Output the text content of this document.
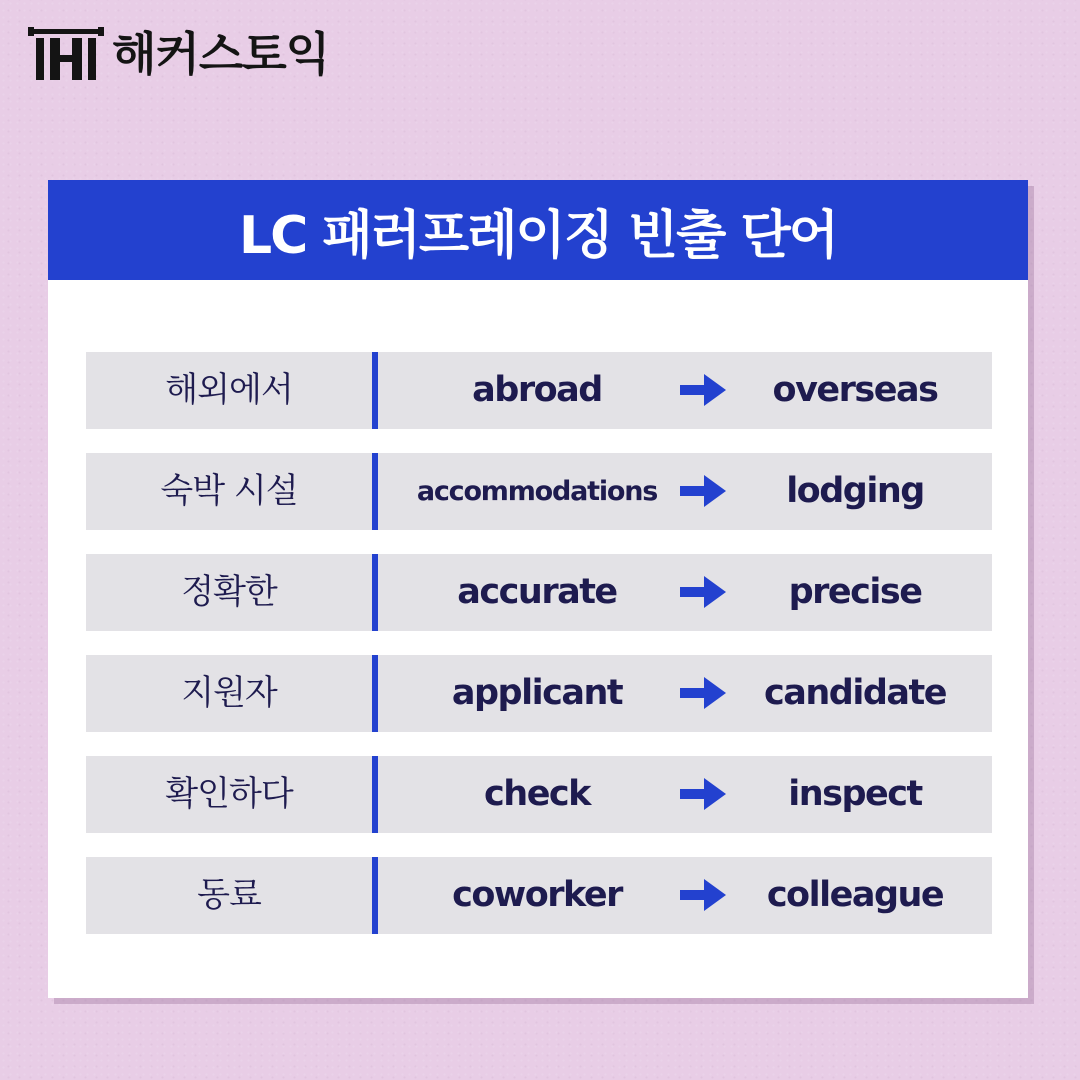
해커스토익
LC 패러프레이징 빈출 단어
해외에서	abroad	overseas
숙박 시설	accommodations	lodging
정확한	accurate	precise
지원자	applicant	candidate
확인하다	check	inspect
동료	coworker	colleague
